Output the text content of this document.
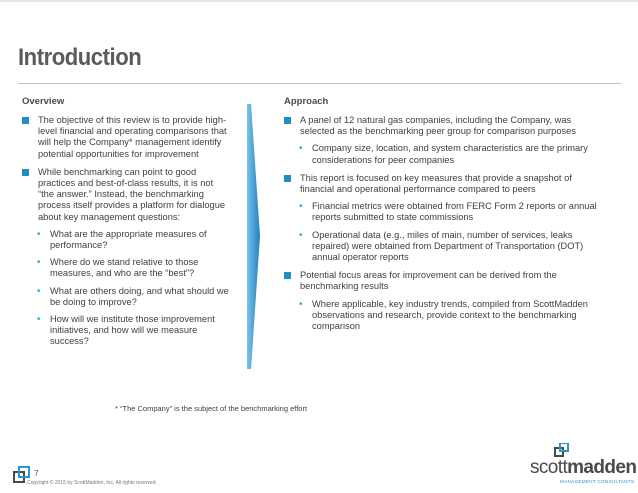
Introduction
Overview	Approach
The objective of this review is to provide high-level financial and operating comparisons that will help the Company* management identify potential opportunities for improvement
While benchmarking can point to good practices and best-of-class results, it is not “the answer.” Instead, the benchmarking process itself provides a platform for dialogue about key management questions:
• What are the appropriate measures of performance?
• Where do we stand relative to those measures, and who are the “best”?
• What are others doing, and what should we be doing to improve?
• How will we institute those improvement initiatives, and how will we measure success?
A panel of 12 natural gas companies, including the Company, was selected as the benchmarking peer group for comparison purposes
• Company size, location, and system characteristics are the primary considerations for peer companies
This report is focused on key measures that provide a snapshot of financial and operational performance compared to peers
• Financial metrics were obtained from FERC Form 2 reports or annual reports submitted to state commissions
• Operational data (e.g., miles of main, number of services, leaks repaired) were obtained from Department of Transportation (DOT) annual operator reports
Potential focus areas for improvement can be derived from the benchmarking results
• Where applicable, key industry trends, compiled from ScottMadden observations and research, provide context to the benchmarking comparison
* “The Company” is the subject of the benchmarking effort
7
Copyright © 2015 by ScottMadden, Inc. All rights reserved.
scottmadden
MANAGEMENT CONSULTANTS
